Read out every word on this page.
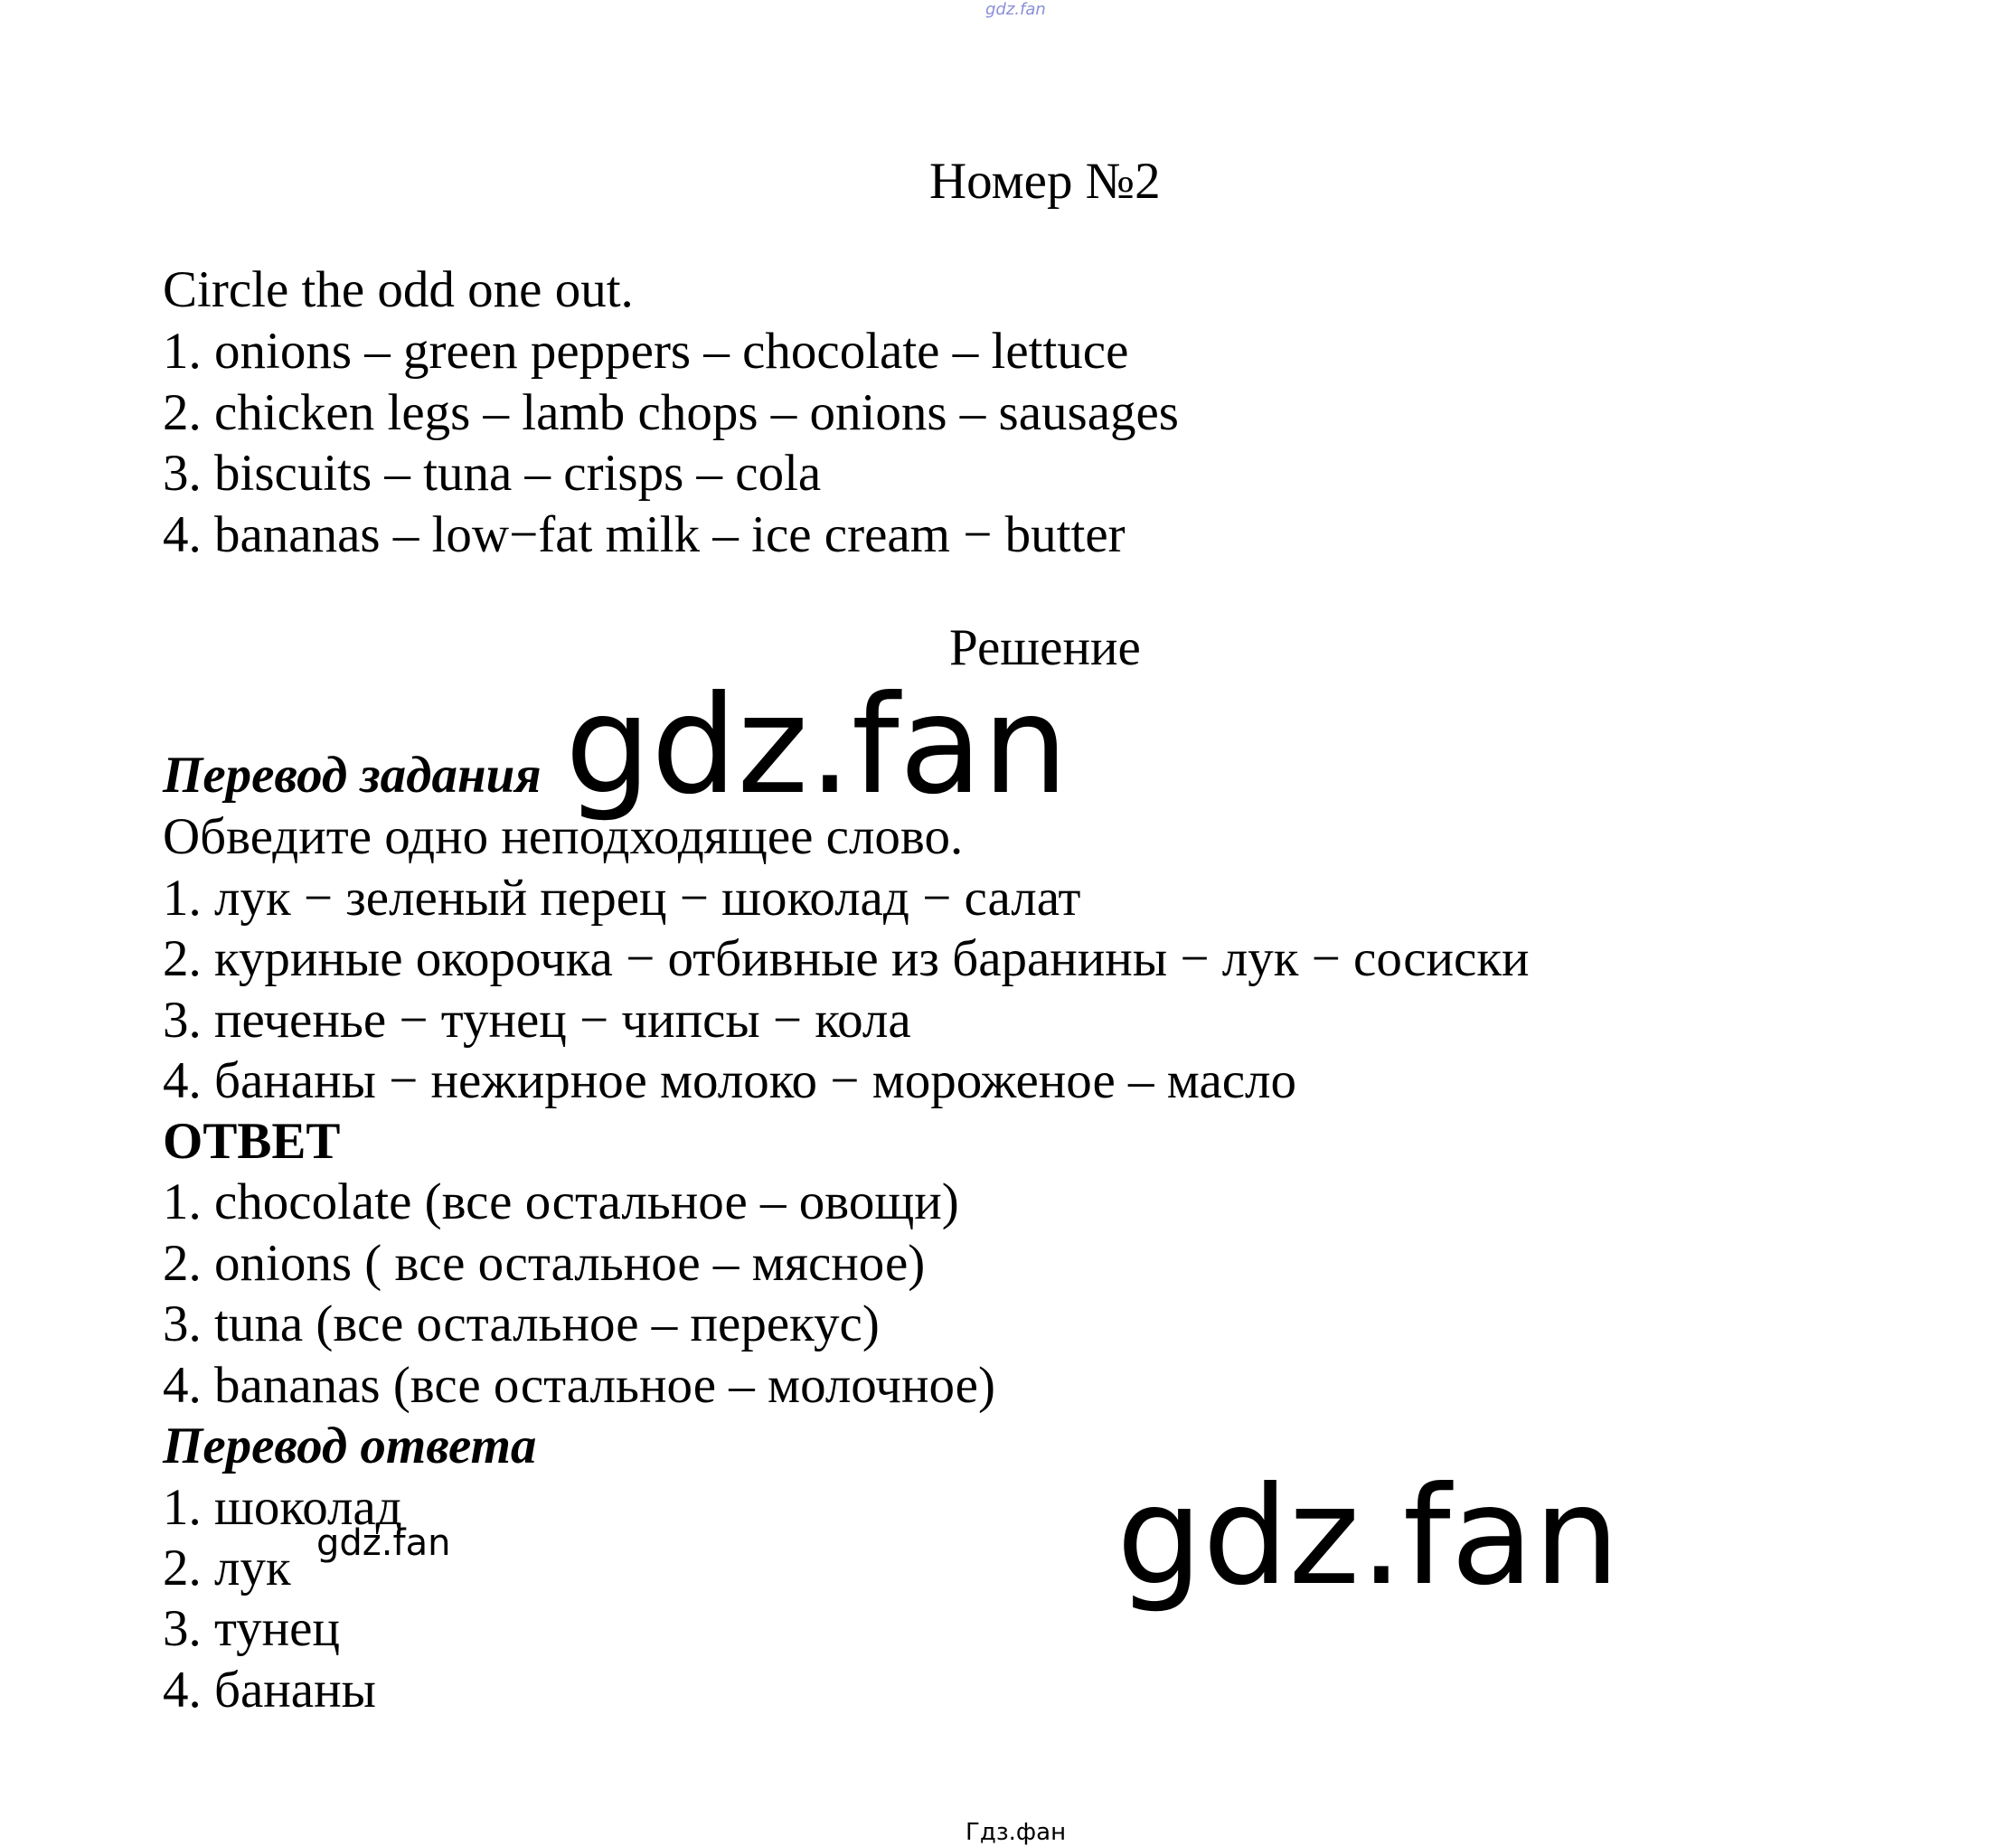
gdz.fan
Номер №2
Circle the odd one out.
1. onions – green peppers – chocolate – lettuce
2. chicken legs – lamb chops – onions – sausages
3. biscuits – tuna – crisps – cola
4. bananas – low−fat milk – ice cream − butter
Решение
Перевод задания gdz.fan
Обведите одно неподходящее слово.
1. лук − зеленый перец − шоколад − салат
2. куриные окорочка − отбивные из баранины − лук − сосиски
3. печенье − тунец − чипсы − кола
4. бананы − нежирное молоко − мороженое – масло
ОТВЕТ
1. chocolate (все остальное – овощи)
2. onions ( все остальное – мясное)
3. tuna (все остальное – перекус)
4. bananas (все остальное – молочное)
Перевод ответа
1. шоколад
2. лук
3. тунец
4. бананы
gdz.fan	gdz.fan
Гдз.фан
